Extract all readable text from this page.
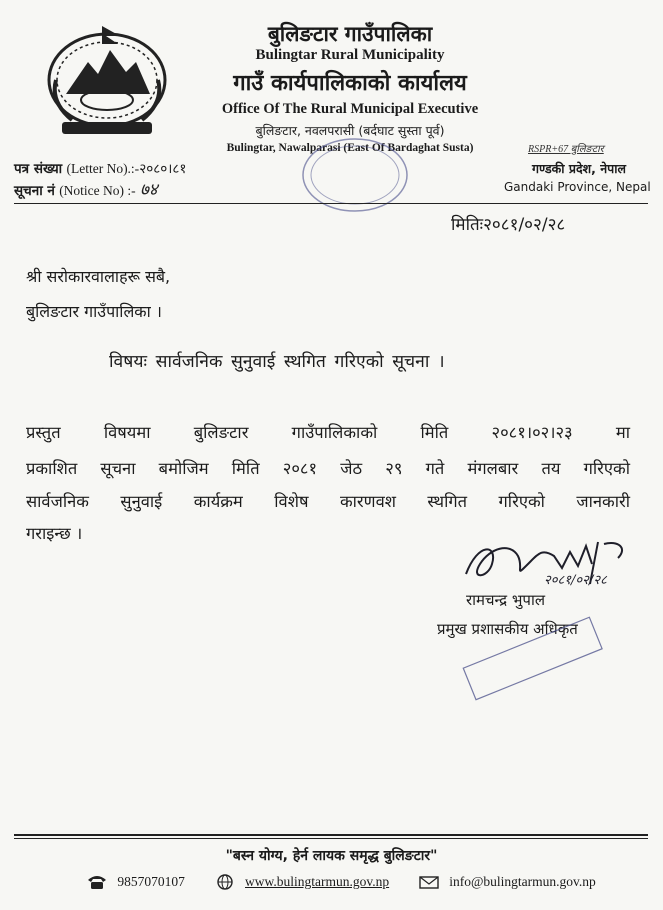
बुलिङटार गाउँपालिका
Bulingtar Rural Municipality
गाउँ कार्यपालिकाको कार्यालय
Office Of The Rural Municipal Executive
बुलिङटार, नवलपरासी (बर्दघाट सुस्ता पूर्व)
Bulingtar, Nawalparasi (East Of Bardaghat Susta)
पत्र संख्या (Letter No).:-२०८०।८१
सूचना नं (Notice No) :- ७४
RSPR+67 बुलिङटार
गण्डकी प्रदेश, नेपाल
Gandaki Province, Nepal
मितिः२०८१/०२/२८
श्री सरोकारवालाहरू सबै,
बुलिङटार गाउँपालिका ।
विषयः सार्वजनिक सुनुवाई स्थगित गरिएको सूचना ।
प्रस्तुत विषयमा बुलिङटार गाउँपालिकाको मिति २०८१।०२।२३ मा
प्रकाशित सूचना बमोजिम मिति २०८१ जेठ २९ गते मंगलबार तय गरिएको
सार्वजनिक सुनुवाई कार्यक्रम विशेष कारणवश स्थगित गरिएको जानकारी
गराइन्छ ।
२०८१/०२/२८
रामचन्द्र भुपाल
प्रमुख प्रशासकीय अधिकृत
"बस्न योग्य, हेर्न लायक समृद्ध बुलिङटार"
9857070107	www.bulingtarmun.gov.np	info@bulingtarmun.gov.np
